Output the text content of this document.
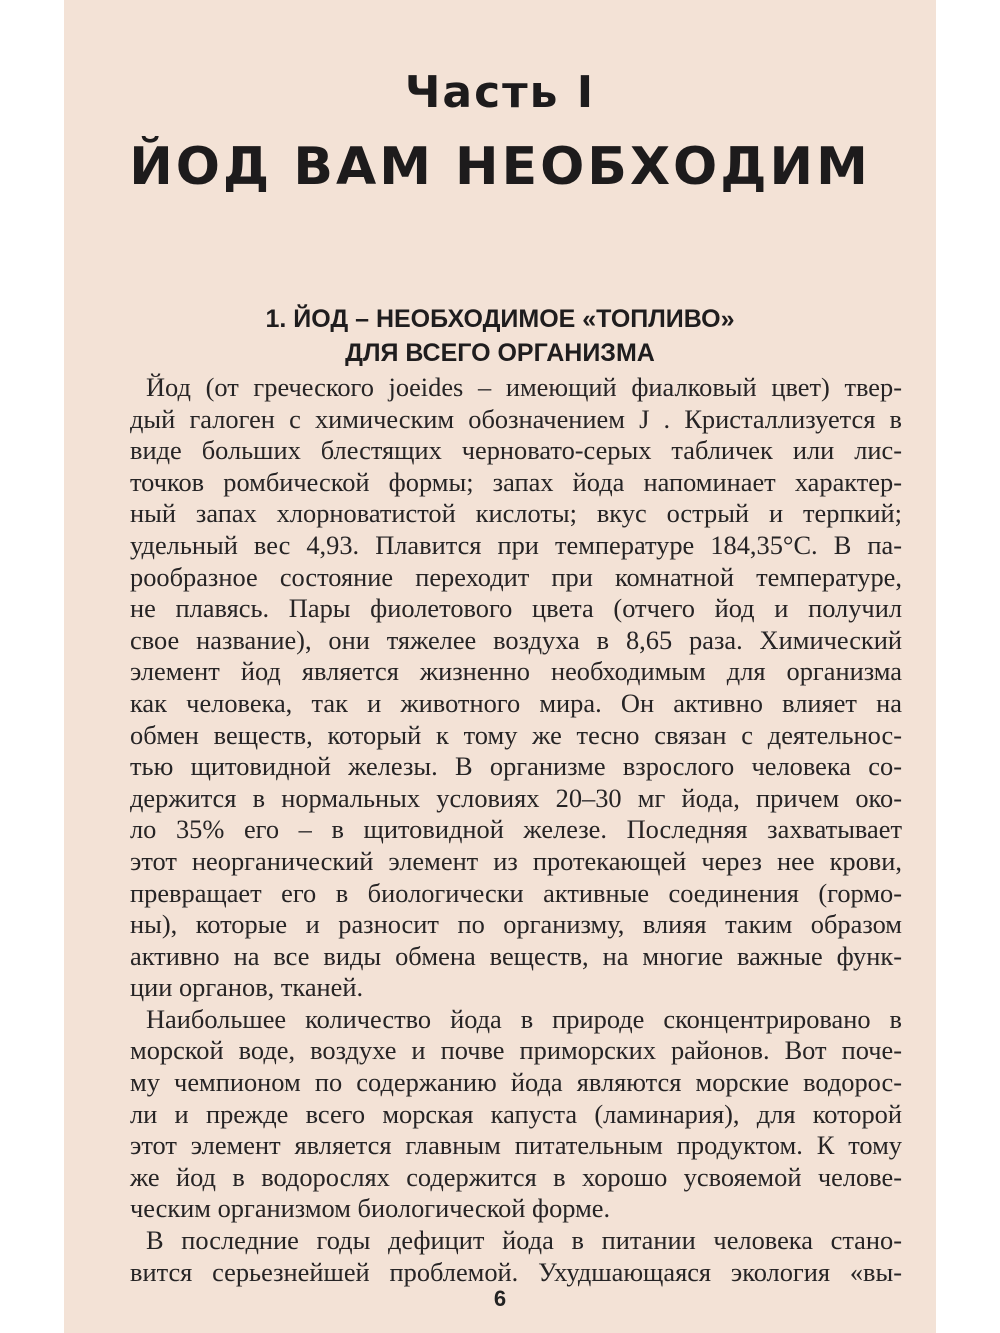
Часть I
ЙОД ВАМ НЕОБХОДИМ
1. ЙОД – НЕОБХОДИМОЕ «ТОПЛИВО»
ДЛЯ ВСЕГО ОРГАНИЗМА

Йод (от греческого joeides – имеющий фиалковый цвет) твер-
дый галоген с химическим обозначением J . Кристаллизуется в
виде больших блестящих черновато-серых табличек или лис-
точков ромбической формы; запах йода напоминает характер-
ный запах хлорноватистой кислоты; вкус острый и терпкий;
удельный вес 4,93. Плавится при температуре 184,35°С. В па-
рообразное состояние переходит при комнатной температуре,
не плавясь. Пары фиолетового цвета (отчего йод и получил
свое название), они тяжелее воздуха в 8,65 раза. Химический
элемент йод является жизненно необходимым для организма
как человека, так и животного мира. Он активно влияет на
обмен веществ, который к тому же тесно связан с деятельнос-
тью щитовидной железы. В организме взрослого человека со-
держится в нормальных условиях 20–30 мг йода, причем око-
ло 35% его – в щитовидной железе. Последняя захватывает
этот неорганический элемент из протекающей через нее крови,
превращает его в биологически активные соединения (гормо-
ны), которые и разносит по организму, влияя таким образом
активно на все виды обмена веществ, на многие важные функ-
ции органов, тканей.

Наибольшее количество йода в природе сконцентрировано в
морской воде, воздухе и почве приморских районов. Вот поче-
му чемпионом по содержанию йода являются морские водорос-
ли и прежде всего морская капуста (ламинария), для которой
этот элемент является главным питательным продуктом. К тому
же йод в водорослях содержится в хорошо усвояемой челове-
ческим организмом биологической форме.

В последние годы дефицит йода в питании человека стано-
вится серьезнейшей проблемой. Ухудшающаяся экология «вы-

6
